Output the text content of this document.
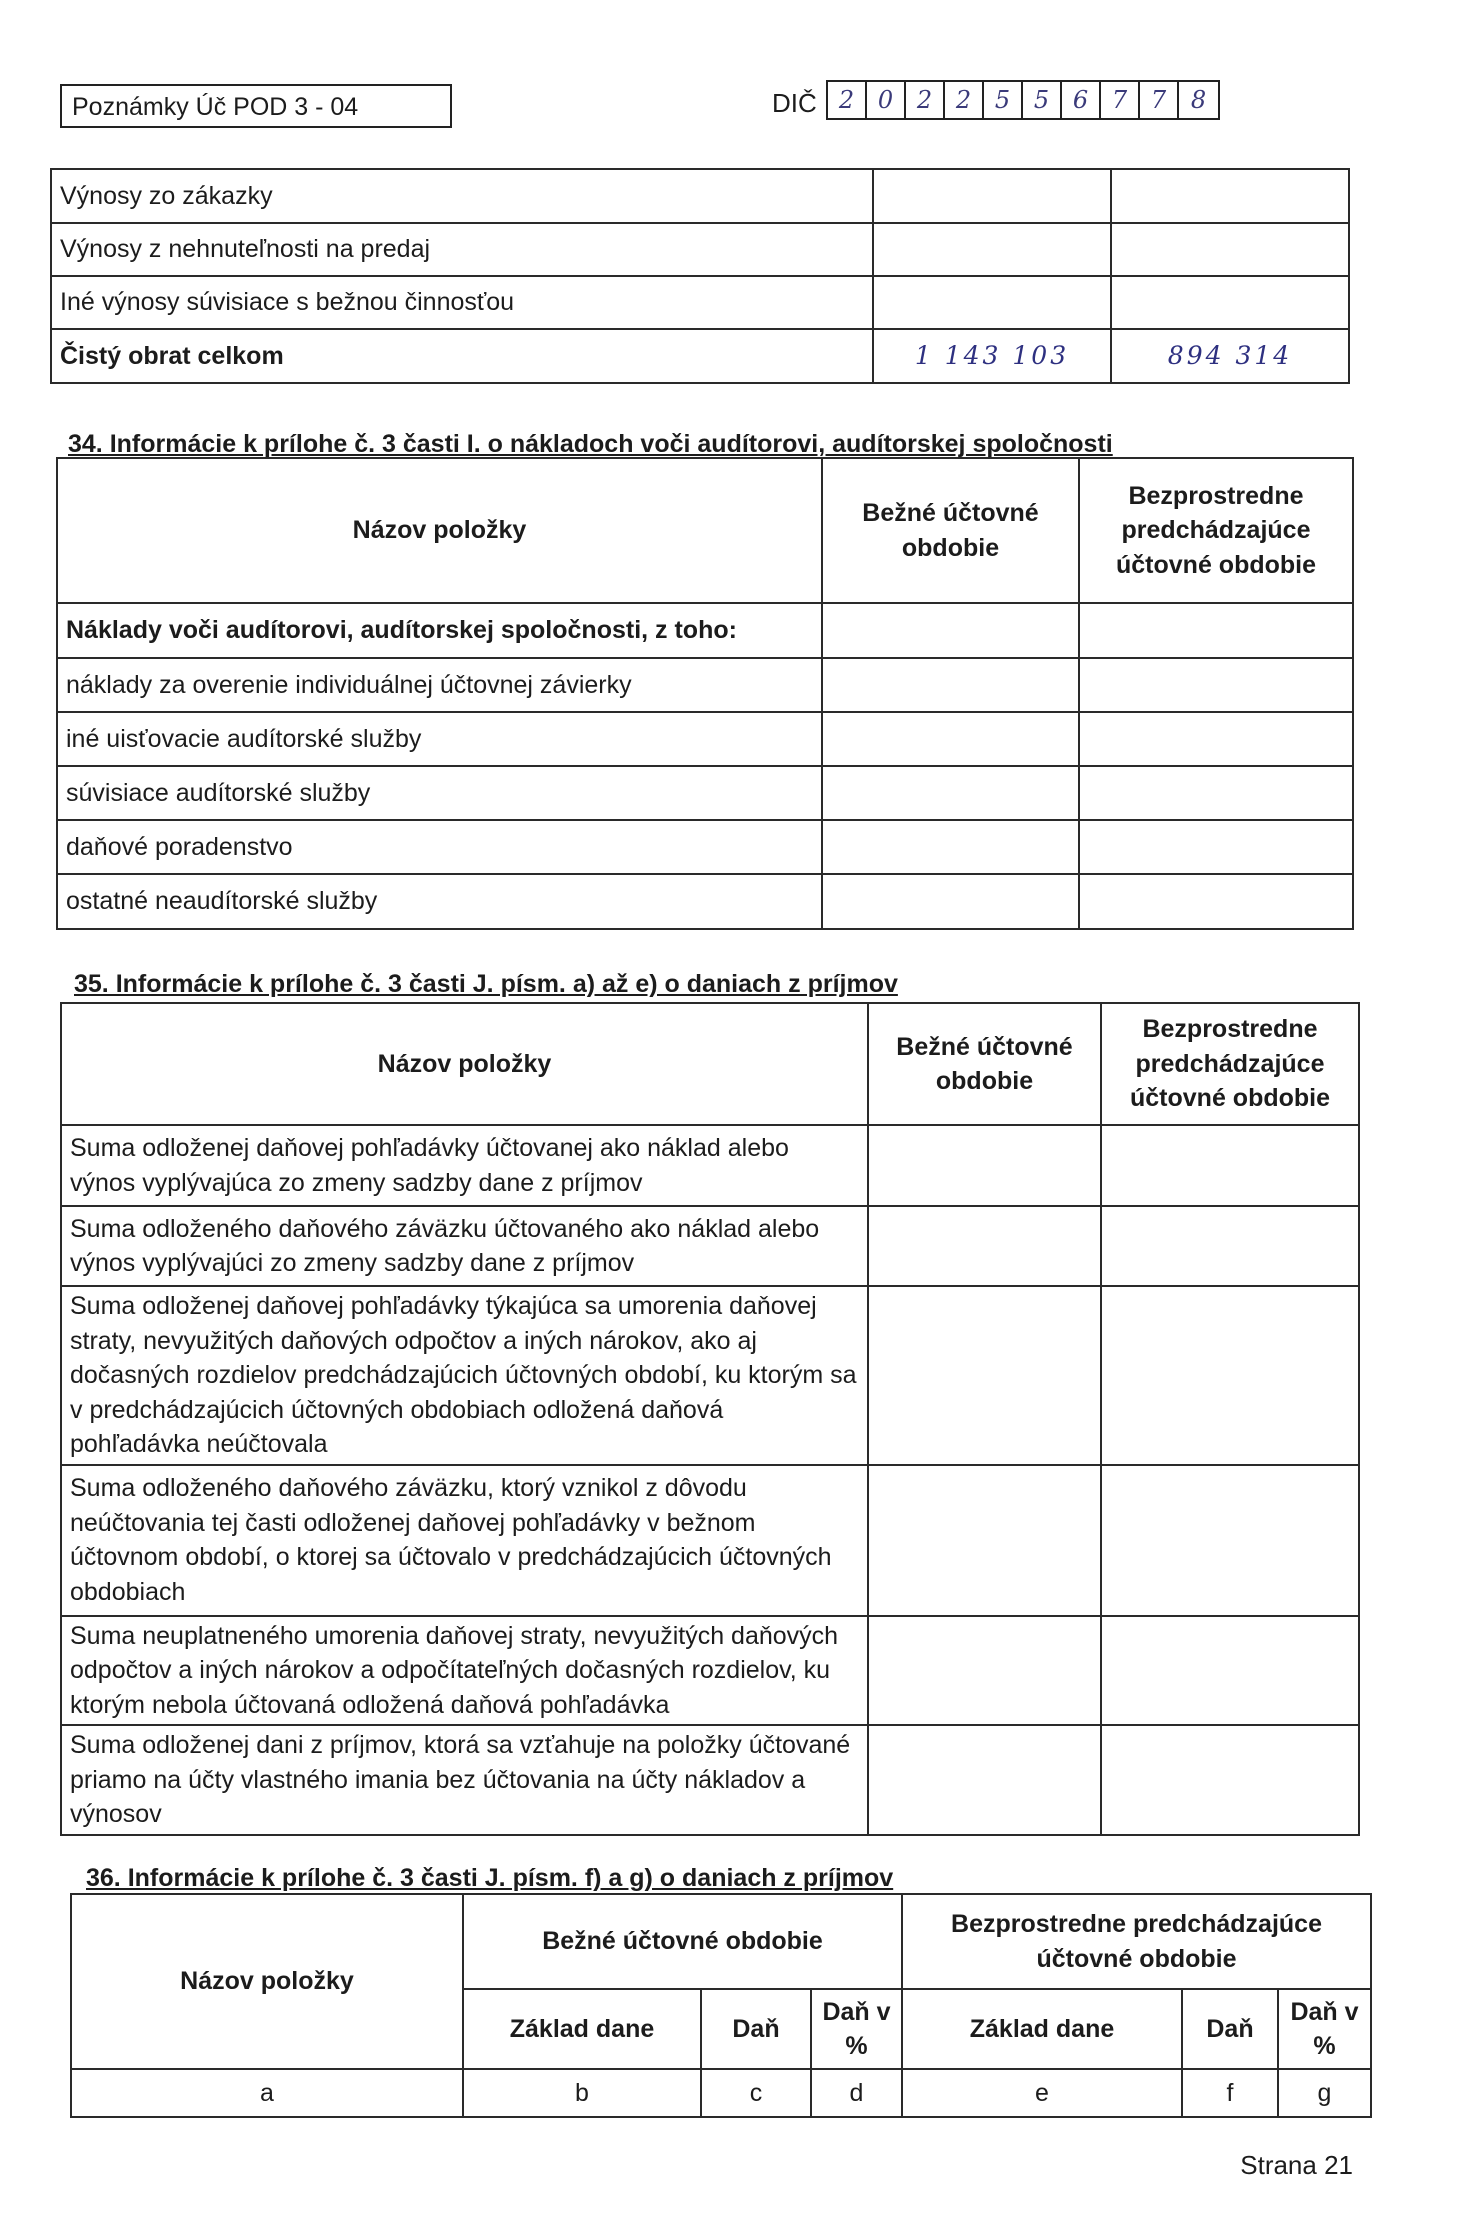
Poznámky Úč POD 3 - 04	DIČ 2 0 2 2 5 5 6 7 7	8
Výnosy zo zákazky		
Výnosy z nehnuteľnosti na predaj		
Iné výnosy súvisiace s bežnou činnosťou		
Čistý obrat celkom	1 143 103	894 314
34. Informácie k prílohe č. 3 časti I. o nákladoch voči audítorovi, audítorskej spoločnosti
Názov položky	Bežné účtovné obdobie	Bezprostredne predchádzajúce účtovné obdobie
Náklady voči audítorovi, audítorskej spoločnosti, z toho:		
náklady za overenie individuálnej účtovnej závierky		
iné uisťovacie audítorské služby		
súvisiace audítorské služby		
daňové poradenstvo		
ostatné neaudítorské služby		
35. Informácie k prílohe č. 3 časti J. písm. a) až e) o daniach z príjmov
Názov položky	Bežné účtovné obdobie	Bezprostredne predchádzajúce účtovné obdobie
Suma odloženej daňovej pohľadávky účtovanej ako náklad alebo výnos vyplývajúca zo zmeny sadzby dane z príjmov		
Suma odloženého daňového záväzku účtovaného ako náklad alebo výnos vyplývajúci zo zmeny sadzby dane z príjmov		
Suma odloženej daňovej pohľadávky týkajúca sa umorenia daňovej straty, nevyužitých daňových odpočtov a iných nárokov, ako aj dočasných rozdielov predchádzajúcich účtovných období, ku ktorým sa v predchádzajúcich účtovných obdobiach odložená daňová pohľadávka neúčtovala		
Suma odloženého daňového záväzku, ktorý vznikol z dôvodu neúčtovania tej časti odloženej daňovej pohľadávky v bežnom účtovnom období, o ktorej sa účtovalo v predchádzajúcich účtovných obdobiach		
Suma neuplatneného umorenia daňovej straty, nevyužitých daňových odpočtov a iných nárokov a odpočítateľných dočasných rozdielov, ku ktorým nebola účtovaná odložená daňová pohľadávka		
Suma odloženej dani z príjmov, ktorá sa vzťahuje na položky účtované priamo na účty vlastného imania bez účtovania na účty nákladov a výnosov		
36. Informácie k prílohe č. 3 časti J. písm. f) a g) o daniach z príjmov
Názov položky	Bežné účtovné obdobie			Bezprostredne predchádzajúce účtovné obdobie		
	Základ dane	Daň	Daň v %	Základ dane	Daň	Daň v %
a	b	c	d	e	f	g
Strana 21
